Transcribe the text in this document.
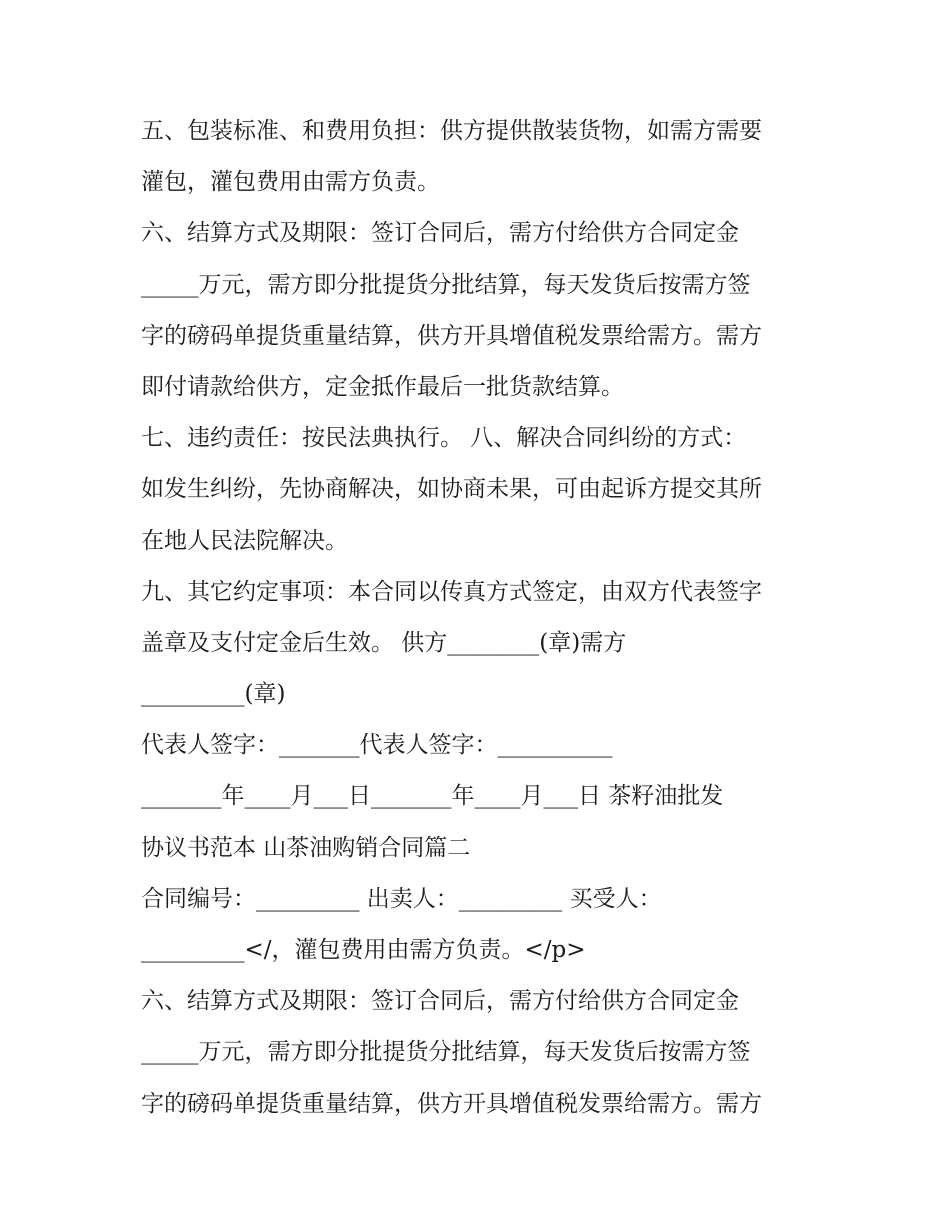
五、包装标准、和费用负担：供方提供散装货物，如需方需要
灌包，灌包费用由需方负责。
六、结算方式及期限：签订合同后，需方付给供方合同定金
_____万元，需方即分批提货分批结算，每天发货后按需方签
字的磅码单提货重量结算，供方开具增值税发票给需方。需方
即付请款给供方，定金抵作最后一批货款结算。
七、违约责任：按民法典执行。 八、解决合同纠纷的方式：
如发生纠纷，先协商解决，如协商未果，可由起诉方提交其所
在地人民法院解决。
九、其它约定事项：本合同以传真方式签定，由双方代表签字
盖章及支付定金后生效。 供方________(章)需方
_________(章)
代表人签字：_______代表人签字：__________
_______年____月___日_______年____月___日 茶籽油批发
协议书范本 山茶油购销合同篇二
合同编号：_________ 出卖人：_________ 买受人：
_________</，灌包费用由需方负责。</p>
六、结算方式及期限：签订合同后，需方付给供方合同定金
_____万元，需方即分批提货分批结算，每天发货后按需方签
字的磅码单提货重量结算，供方开具增值税发票给需方。需方
